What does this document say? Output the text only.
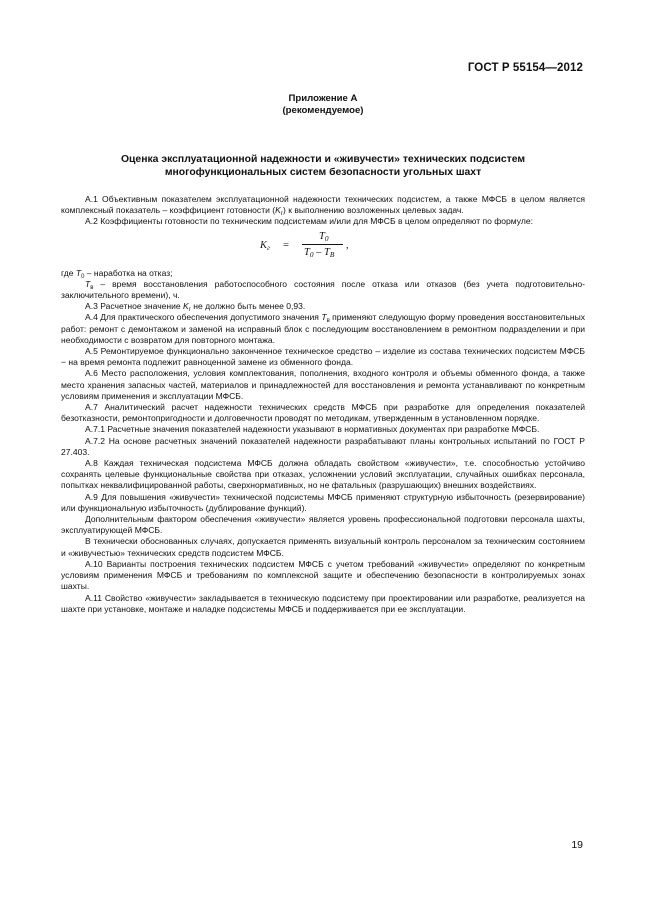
ГОСТ Р 55154—2012
Приложение А
(рекомендуемое)
Оценка эксплуатационной надежности и «живучести» технических подсистем
многофункциональных систем безопасности угольных шахт

А.1 Объективным показателем эксплуатационной надежности технических подсистем, а также МФСБ в целом является комплексный показатель – коэффициент готовности $(K_г)$ к выполнению возложенных целевых задач.

А.2 Коэффициенты готовности по техническим подсистемам и/или для МФСБ в целом определяют по формуле:

$K_г$ =
$T_0$
$T_0 - T_B$
,

где $T_0$ – наработка на отказ;

$T_в$ – время восстановления работоспособного состояния после отказа или отказов (без учета подготовительно-заключительного времени), ч.

А.3 Расчетное значение $K_г$ не должно быть менее 0,93.

А.4 Для практического обеспечения допустимого значения $T_в$ применяют следующую форму проведения восстановительных работ: ремонт с демонтажом и заменой на исправный блок с последующим восстановлением в ремонтном подразделении и при необходимости с возвратом для повторного монтажа.

А.5 Ремонтируемое функционально законченное техническое средство – изделие из состава технических подсистем МФСБ − на время ремонта подлежит равноценной замене из обменного фонда.

А.6 Место расположения, условия комплектования, пополнения, входного контроля и объемы обменного фонда, а также место хранения запасных частей, материалов и принадлежностей для восстановления и ремонта устанавливают по конкретным условиям применения и эксплуатации МФСБ.

А.7 Аналитический расчет надежности технических средств МФСБ при разработке для определения показателей безотказности, ремонтопригодности и долговечности проводят по методикам, утвержденным в установленном порядке.

А.7.1 Расчетные значения показателей надежности указывают в нормативных документах при разработке МФСБ.

А.7.2 На основе расчетных значений показателей надежности разрабатывают планы контрольных испытаний по ГОСТ Р 27.403.

А.8 Каждая техническая подсистема МФСБ должна обладать свойством «живучести», т.е. способностью устойчиво сохранять целевые функциональные свойства при отказах, усложнении условий эксплуатации, случайных ошибках персонала, попытках неквалифицированной работы, сверхнормативных, но не фатальных (разрушающих) внешних воздействиях.

А.9 Для повышения «живучести» технической подсистемы МФСБ применяют структурную избыточность (резервирование) или функциональную избыточность (дублирование функций).

Дополнительным фактором обеспечения «живучести» является уровень профессиональной подготовки персонала шахты, эксплуатирующей МФСБ.

В технически обоснованных случаях, допускается применять визуальный контроль персоналом за техническим состоянием и «живучестью» технических средств подсистем МФСБ.

А.10 Варианты построения технических подсистем МФСБ с учетом требований «живучести» определяют по конкретным условиям применения МФСБ и требованиям по комплексной защите и обеспечению безопасности в контролируемых зонах шахты.

А.11 Свойство «живучести» закладывается в техническую подсистему при проектировании или разработке, реализуется на шахте при установке, монтаже и наладке подсистемы МФСБ и поддерживается при ее эксплуатации.

19
